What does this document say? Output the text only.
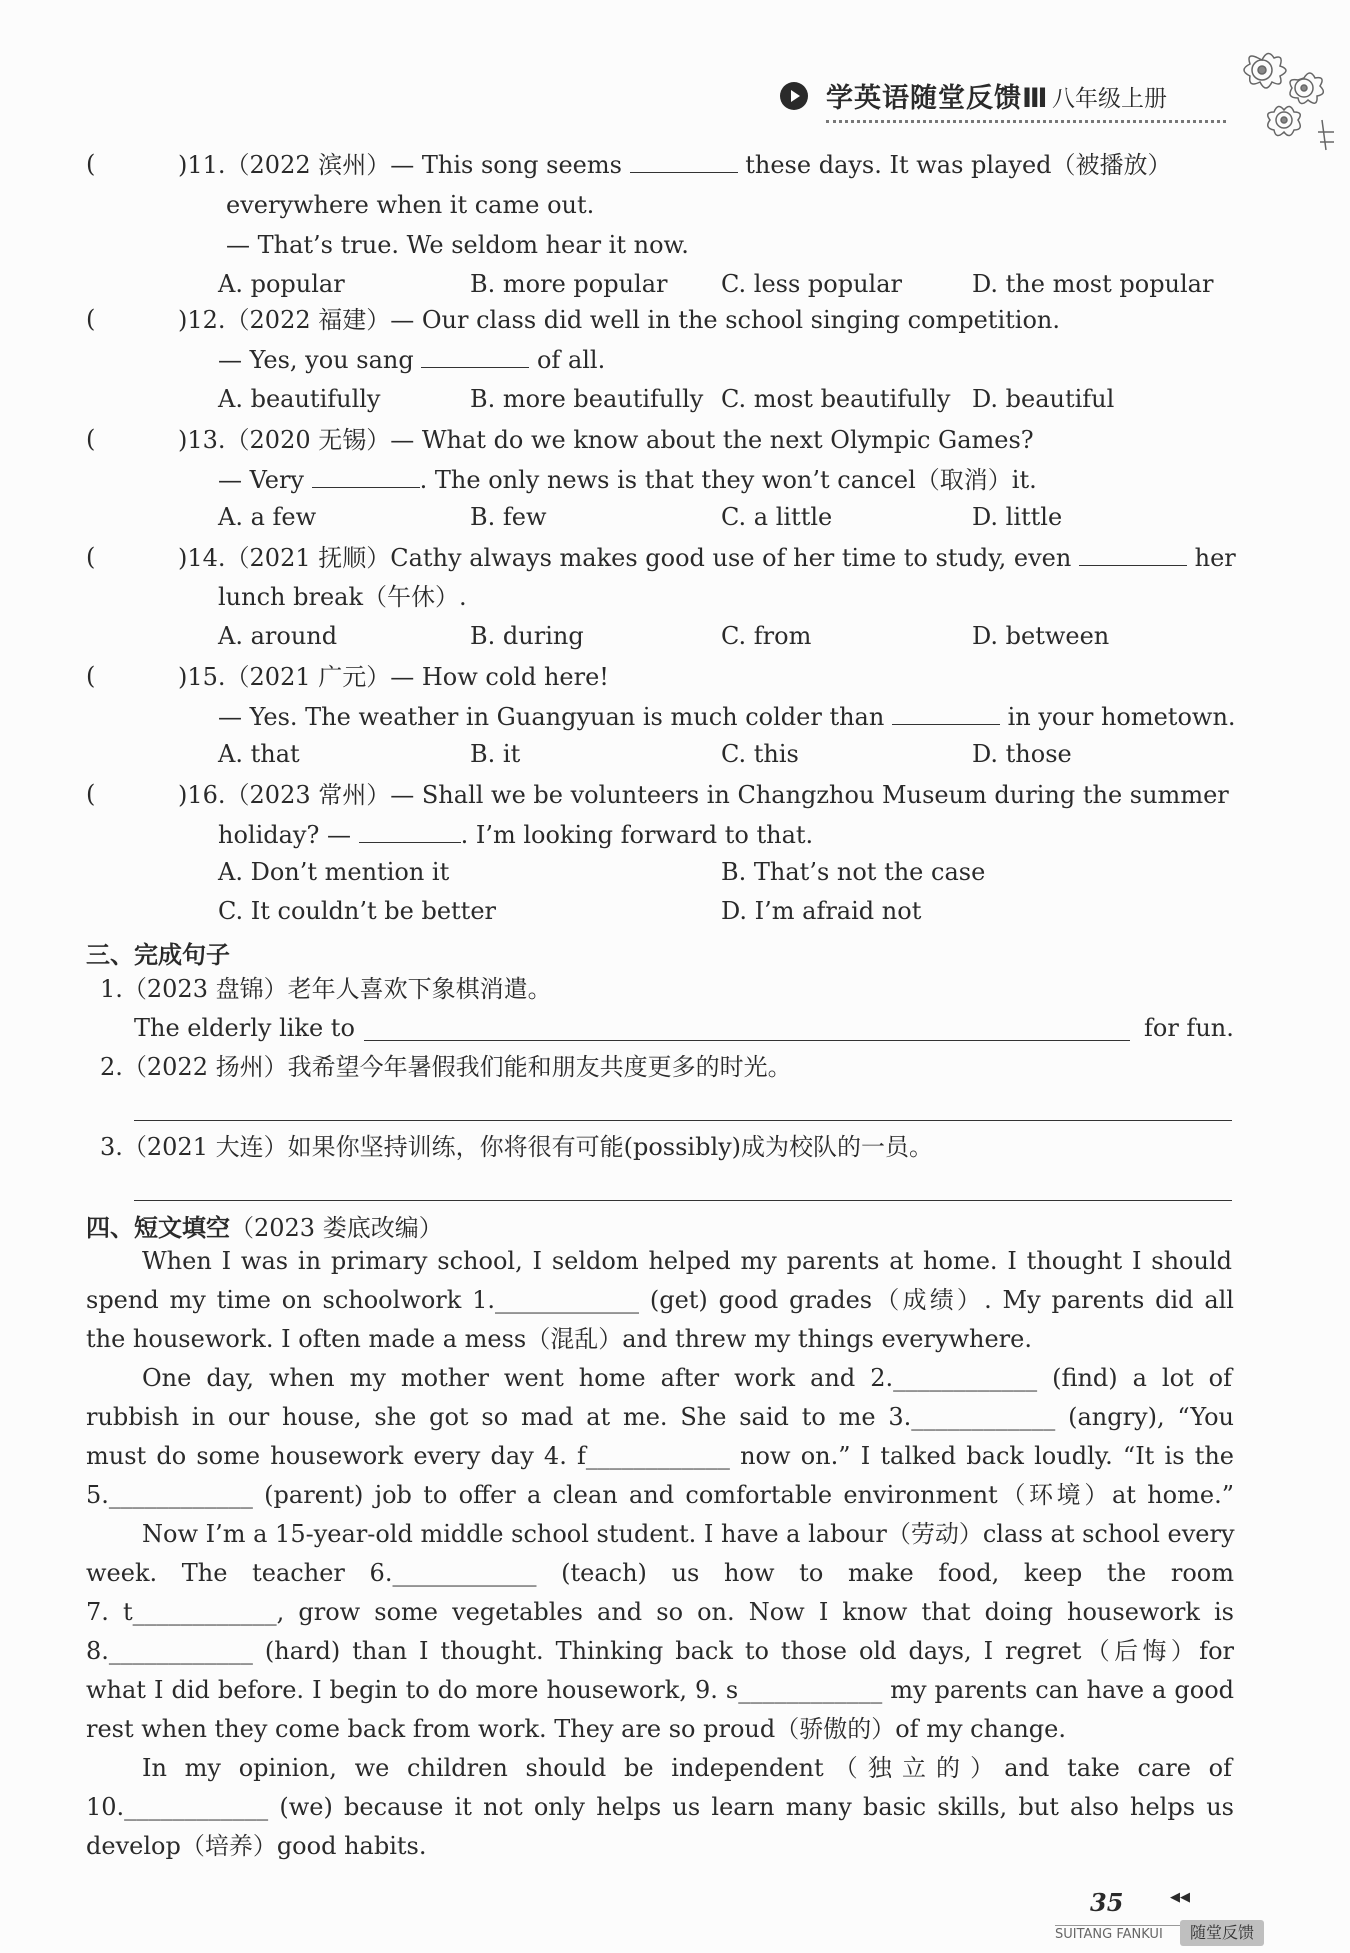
学英语随堂反馈Ⅲ 八年级上册
(	)11.（2022 滨州）— This song seems	these days. It was played（被播放）
everywhere when it came out.
— That’s true. We seldom hear it now.
A. popular	B. more popular C. less popular	D. the most popular
(	)12.（2022 福建）— Our class did well in the school singing competition.
— Yes, you sang	of all.
A. beautifully	B. more beautifully C. most beautifully D. beautiful
(	)13.（2020 无锡）— What do we know about the next Olympic Games?
— Very	. The only news is that they won’t cancel（取消）it.
A. a few	B. few	C. a little	D. little
(	)14.（2021 抚顺）Cathy always makes good use of her time to study, even	her
lunch break（午休）.
A. around	B. during	C. from	D. between
(	)15.（2021 广元）— How cold here!
— Yes. The weather in Guangyuan is much colder than	in your hometown.
A. that	B. it	C. this	D. those
(	)16.（2023 常州）— Shall we be volunteers in Changzhou Museum during the summer
holiday? —	. I’m looking forward to that.
A. Don’t mention it	B. That’s not the case
C. It couldn’t be better	D. I’m afraid not
三、完成句子
1.（2023 盘锦）老年人喜欢下象棋消遣。
The elderly like to	for fun.
2.（2022 扬州）我希望今年暑假我们能和朋友共度更多的时光。
3.（2021 大连）如果你坚持训练，你将很有可能(possibly)成为校队的一员。
四、短文填空（2023 娄底改编）
When I was in primary school, I seldom helped my parents at home. I thought I should
spend my time on schoolwork 1.____________ (get) good grades（成绩）. My parents did all
the housework. I often made a mess（混乱）and threw my things everywhere.
One day, when my mother went home after work and 2.____________ (find) a lot of
rubbish in our house, she got so mad at me. She said to me 3.____________ (angry), “You
must do some housework every day 4. f____________ now on.” I talked back loudly. “It is the
5.____________ (parent) job to offer a clean and comfortable environment（环境）at home.”
Now I’m a 15-year-old middle school student. I have a labour（劳动）class at school every
week. The teacher 6.____________ (teach) us how to make food, keep the room
7. t____________, grow some vegetables and so on. Now I know that doing housework is
8.____________ (hard) than I thought. Thinking back to those old days, I regret（后悔）for
what I did before. I begin to do more housework, 9. s____________ my parents can have a good
rest when they come back from work. They are so proud（骄傲的）of my change.
In my opinion, we children should be independent（独立的）and take care of
10.____________ (we) because it not only helps us learn many basic skills, but also helps us
develop（培养）good habits.
35	◀◀
SUITANG FANKUI	随堂反馈
